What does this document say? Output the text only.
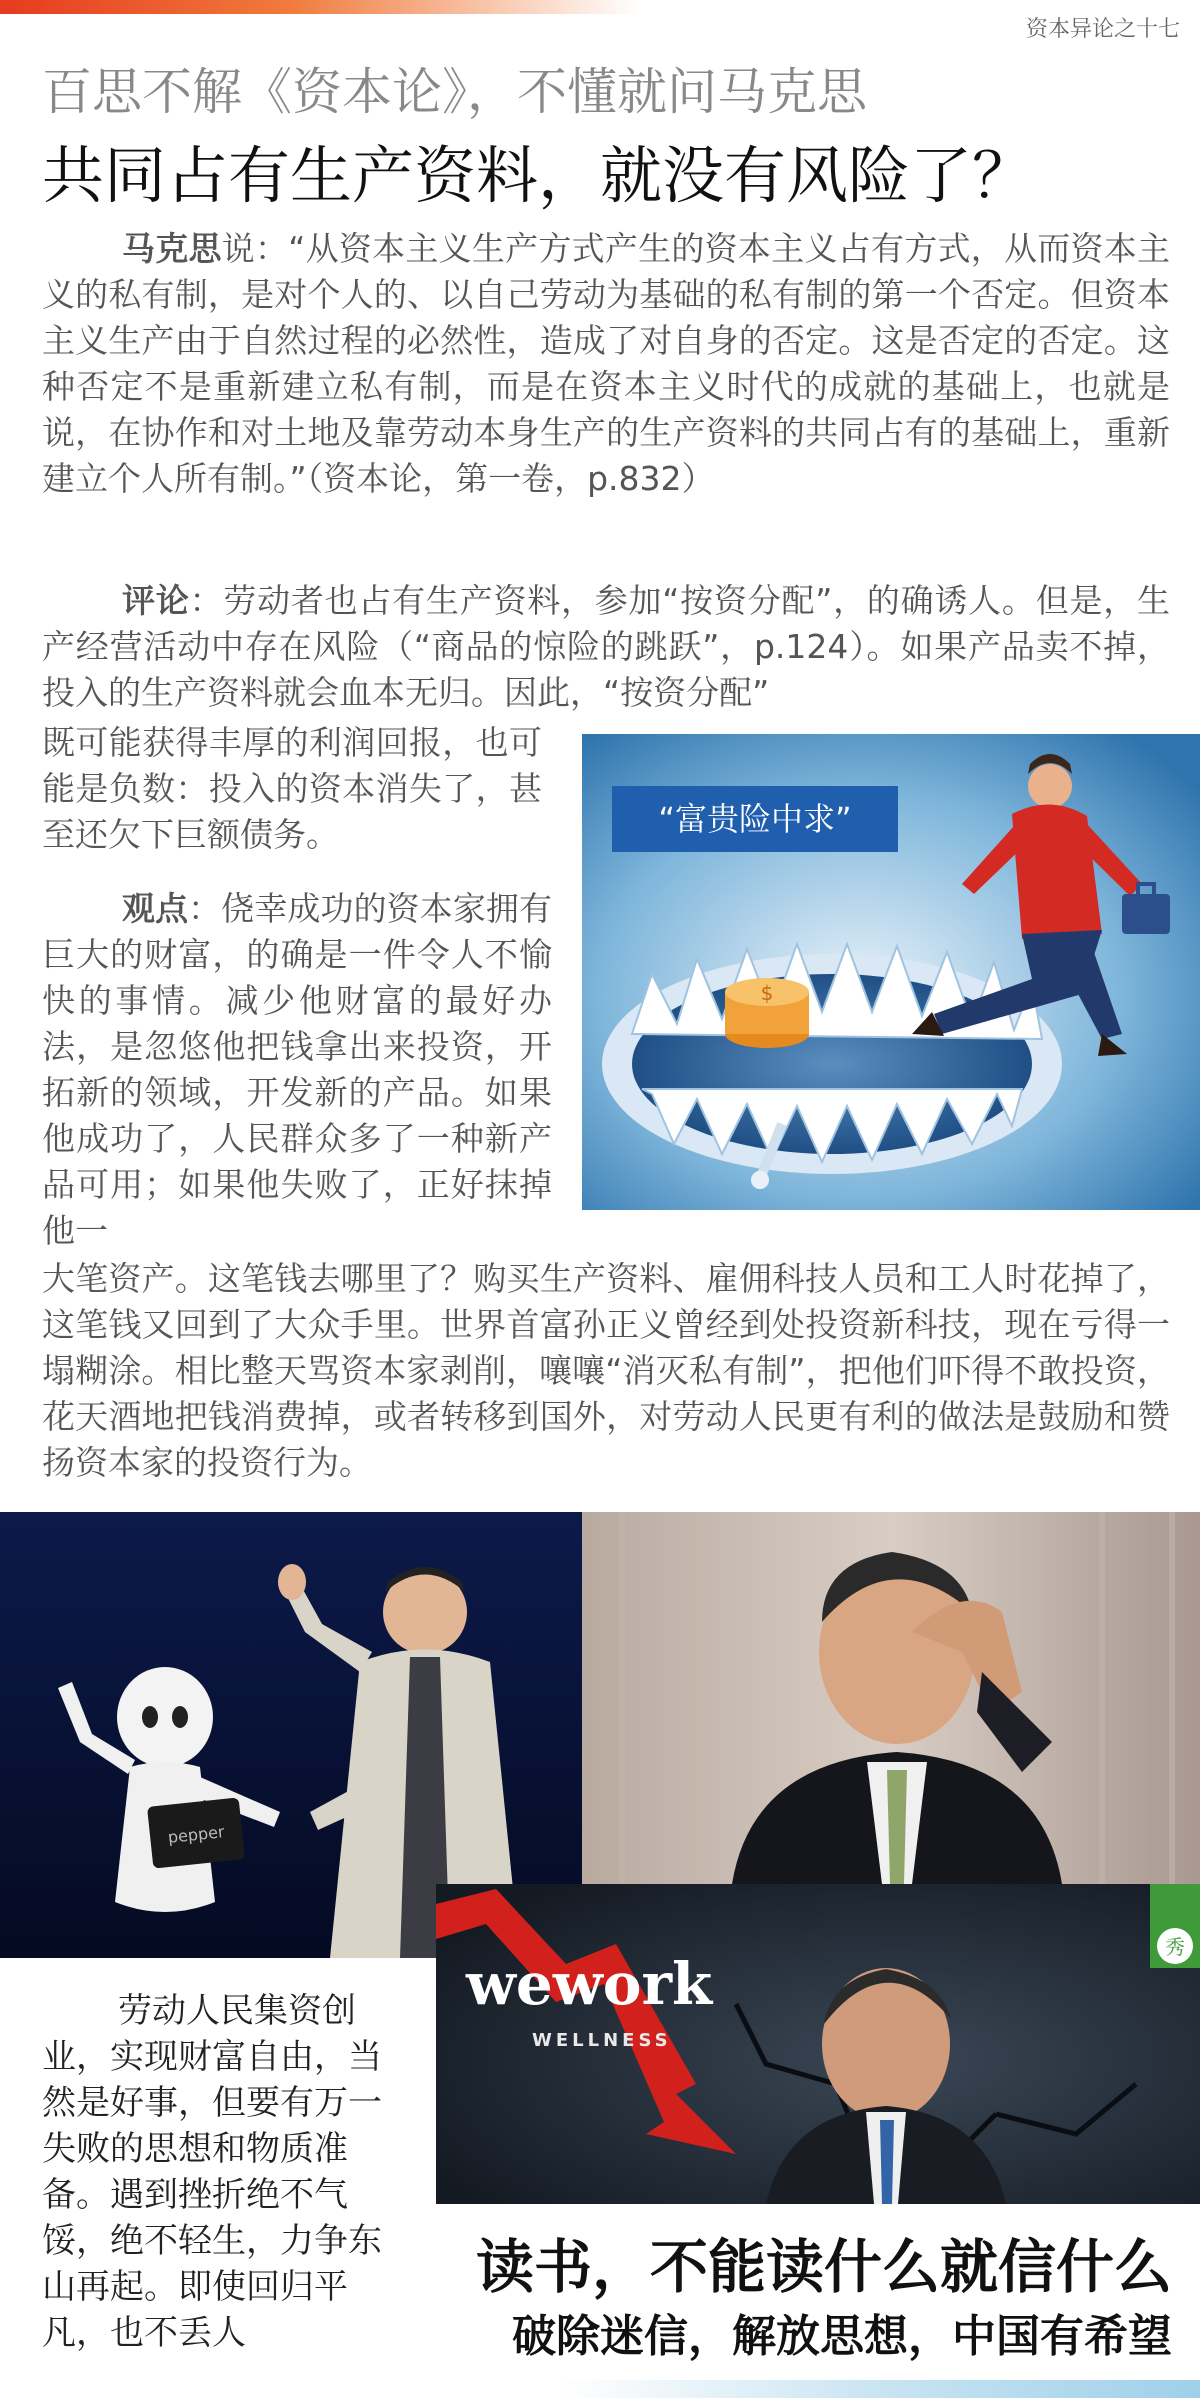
资本异论之十七
百思不解《资本论》，不懂就问马克思
共同占有生产资料，就没有风险了？

马克思说：“从资本主义生产方式产生的资本主义占有方式，从而资本主义的私有制，是对个人的、以自己劳动为基础的私有制的第一个否定。但资本主义生产由于自然过程的必然性，造成了对自身的否定。这是否定的否定。这种否定不是重新建立私有制，而是在资本主义时代的成就的基础上，也就是说，在协作和对土地及靠劳动本身生产的生产资料的共同占有的基础上，重新建立个人所有制。”（资本论，第一卷，p.832）

评论：劳动者也占有生产资料，参加“按资分配”，的确诱人。但是，生产经营活动中存在风险（“商品的惊险的跳跃”，p.124）。如果产品卖不掉，投入的生产资料就会血本无归。因此，“按资分配”

既可能获得丰厚的利润回报，也可能是负数：投入的资本消失了，甚至还欠下巨额债务。

观点：侥幸成功的资本家拥有巨大的财富，的确是一件令人不愉快的事情。减少他财富的最好办法，是忽悠他把钱拿出来投资，开拓新的领域，开发新的产品。如果他成功了，人民群众多了一种新产品可用；如果他失败了，正好抹掉他一

大笔资产。这笔钱去哪里了？购买生产资料、雇佣科技人员和工人时花掉了，这笔钱又回到了大众手里。世界首富孙正义曾经到处投资新科技，现在亏得一塌糊涂。相比整天骂资本家剥削，嚷嚷“消灭私有制”，把他们吓得不敢投资，花天酒地把钱消费掉，或者转移到国外，对劳动人民更有利的做法是鼓励和赞扬资本家的投资行为。

$
“富贵险中求”
pepper
wework
WELLNESS
秀

劳动人民集资创业，实现财富自由，当然是好事，但要有万一失败的思想和物质准备。遇到挫折绝不气馁，绝不轻生，力争东山再起。即使回归平凡，也不丢人

读书，不能读什么就信什么
破除迷信，解放思想，中国有希望
